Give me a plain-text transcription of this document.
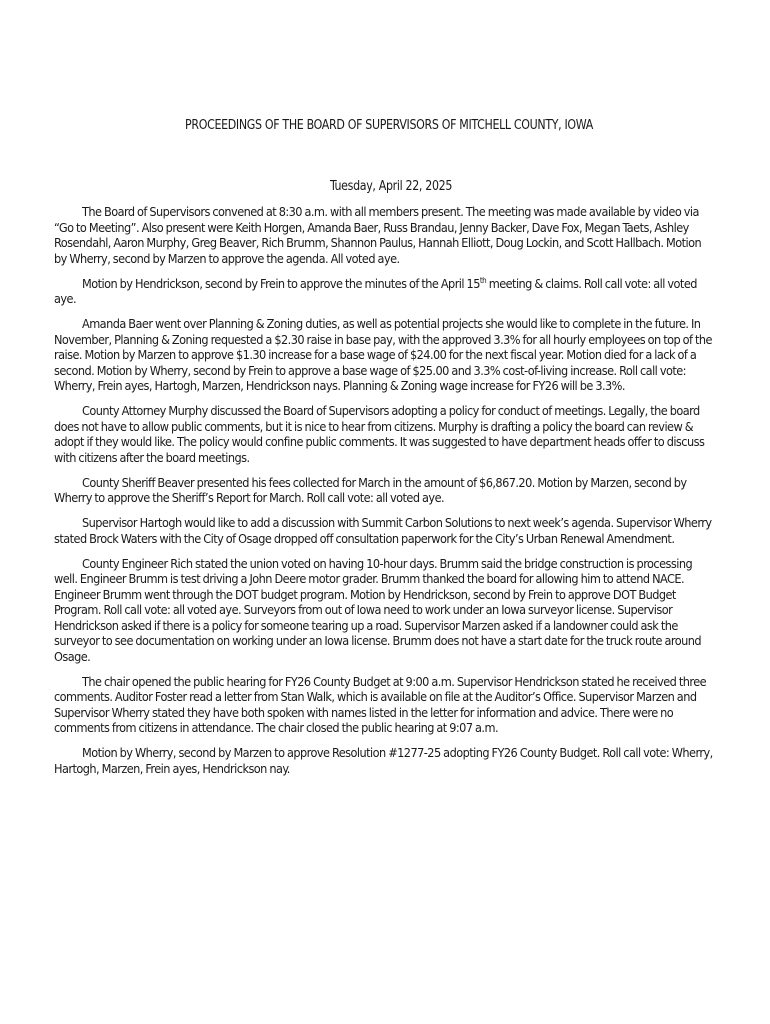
PROCEEDINGS OF THE BOARD OF SUPERVISORS OF MITCHELL COUNTY, IOWA
Tuesday, April 22, 2025

The Board of Supervisors convened at 8:30 a.m. with all members present. The meeting was made available by video via “Go to Meeting”. Also present were Keith Horgen, Amanda Baer, Russ Brandau, Jenny Backer, Dave Fox, Megan Taets, Ashley Rosendahl, Aaron Murphy, Greg Beaver, Rich Brumm, Shannon Paulus, Hannah Elliott, Doug Lockin, and Scott Hallbach. Motion by Wherry, second by Marzen to approve the agenda. All voted aye.

Motion by Hendrickson, second by Frein to approve the minutes of the April 15th meeting & claims. Roll call vote: all voted aye.

Amanda Baer went over Planning & Zoning duties, as well as potential projects she would like to complete in the future. In November, Planning & Zoning requested a $2.30 raise in base pay, with the approved 3.3% for all hourly employees on top of the raise. Motion by Marzen to approve $1.30 increase for a base wage of $24.00 for the next fiscal year. Motion died for a lack of a second. Motion by Wherry, second by Frein to approve a base wage of $25.00 and 3.3% cost-of-living increase. Roll call vote: Wherry, Frein ayes, Hartogh, Marzen, Hendrickson nays. Planning & Zoning wage increase for FY26 will be 3.3%.

County Attorney Murphy discussed the Board of Supervisors adopting a policy for conduct of meetings. Legally, the board does not have to allow public comments, but it is nice to hear from citizens. Murphy is drafting a policy the board can review & adopt if they would like. The policy would confine public comments. It was suggested to have department heads offer to discuss with citizens after the board meetings.

County Sheriff Beaver presented his fees collected for March in the amount of $6,867.20. Motion by Marzen, second by Wherry to approve the Sheriff’s Report for March. Roll call vote: all voted aye.

Supervisor Hartogh would like to add a discussion with Summit Carbon Solutions to next week’s agenda. Supervisor Wherry stated Brock Waters with the City of Osage dropped off consultation paperwork for the City’s Urban Renewal Amendment.

County Engineer Rich stated the union voted on having 10-hour days. Brumm said the bridge construction is processing well. Engineer Brumm is test driving a John Deere motor grader. Brumm thanked the board for allowing him to attend NACE. Engineer Brumm went through the DOT budget program. Motion by Hendrickson, second by Frein to approve DOT Budget Program. Roll call vote: all voted aye. Surveyors from out of Iowa need to work under an Iowa surveyor license. Supervisor Hendrickson asked if there is a policy for someone tearing up a road. Supervisor Marzen asked if a landowner could ask the surveyor to see documentation on working under an Iowa license. Brumm does not have a start date for the truck route around Osage.

The chair opened the public hearing for FY26 County Budget at 9:00 a.m. Supervisor Hendrickson stated he received three comments. Auditor Foster read a letter from Stan Walk, which is available on file at the Auditor’s Office. Supervisor Marzen and Supervisor Wherry stated they have both spoken with names listed in the letter for information and advice. There were no comments from citizens in attendance. The chair closed the public hearing at 9:07 a.m.

Motion by Wherry, second by Marzen to approve Resolution #1277-25 adopting FY26 County Budget. Roll call vote: Wherry, Hartogh, Marzen, Frein ayes, Hendrickson nay.
